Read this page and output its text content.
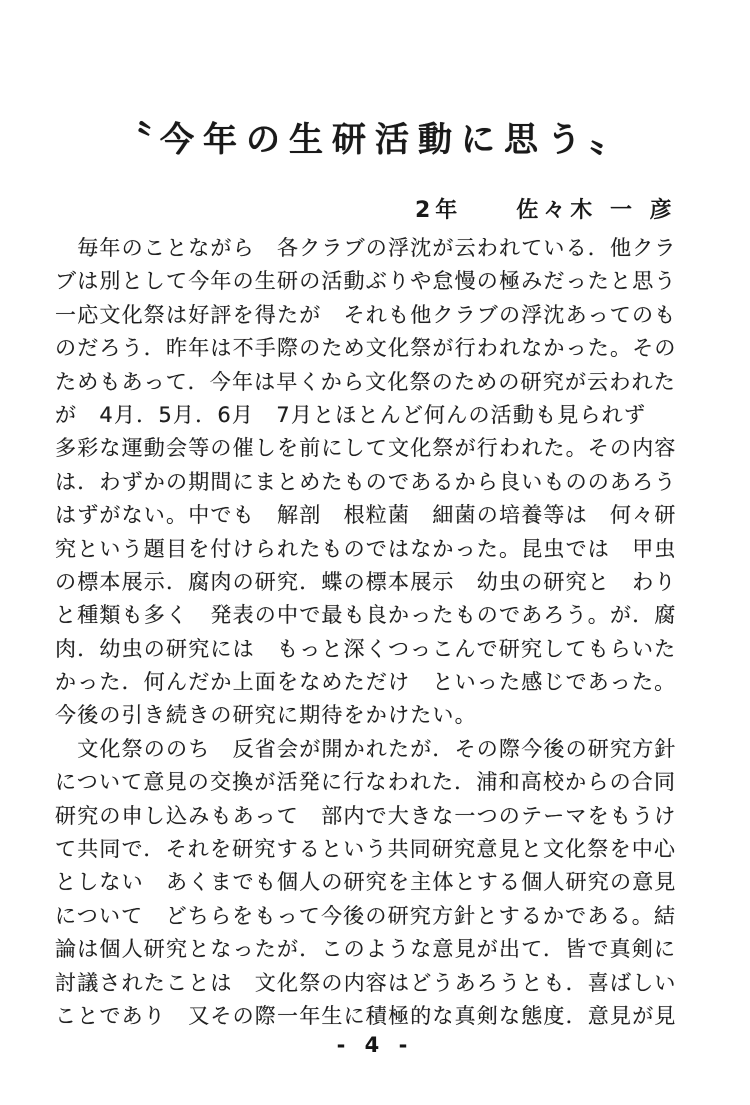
〝今年の生研活動に思う〟
2年　　佐々木 一 彦
　毎年のことながら　各クラブの浮沈が云われている．他クラ
ブは別として今年の生研の活動ぶりや怠慢の極みだったと思う
一応文化祭は好評を得たが　それも他クラブの浮沈あってのも
のだろう．昨年は不手際のため文化祭が行われなかった。その
ためもあって．今年は早くから文化祭のための研究が云われた
が　4月．5月．6月　7月とほとんど何んの活動も見られず
多彩な運動会等の催しを前にして文化祭が行われた。その内容
は．わずかの期間にまとめたものであるから良いもののあろう
はずがない。中でも　解剖　根粒菌　細菌の培養等は　何々研
究という題目を付けられたものではなかった。昆虫では　甲虫
の標本展示．腐肉の研究．蝶の標本展示　幼虫の研究と　わり
と種類も多く　発表の中で最も良かったものであろう。が．腐
肉．幼虫の研究には　もっと深くつっこんで研究してもらいた
かった．何んだか上面をなめただけ　といった感じであった。
今後の引き続きの研究に期待をかけたい。
　文化祭ののち　反省会が開かれたが．その際今後の研究方針
について意見の交換が活発に行なわれた．浦和高校からの合同
研究の申し込みもあって　部内で大きな一つのテーマをもうけ
て共同で．それを研究するという共同研究意見と文化祭を中心
としない　あくまでも個人の研究を主体とする個人研究の意見
について　どちらをもって今後の研究方針とするかである。結
論は個人研究となったが．このような意見が出て．皆で真剣に
討議されたことは　文化祭の内容はどうあろうとも．喜ばしい
ことであり　又その際一年生に積極的な真剣な態度．意見が見
- 4 -
